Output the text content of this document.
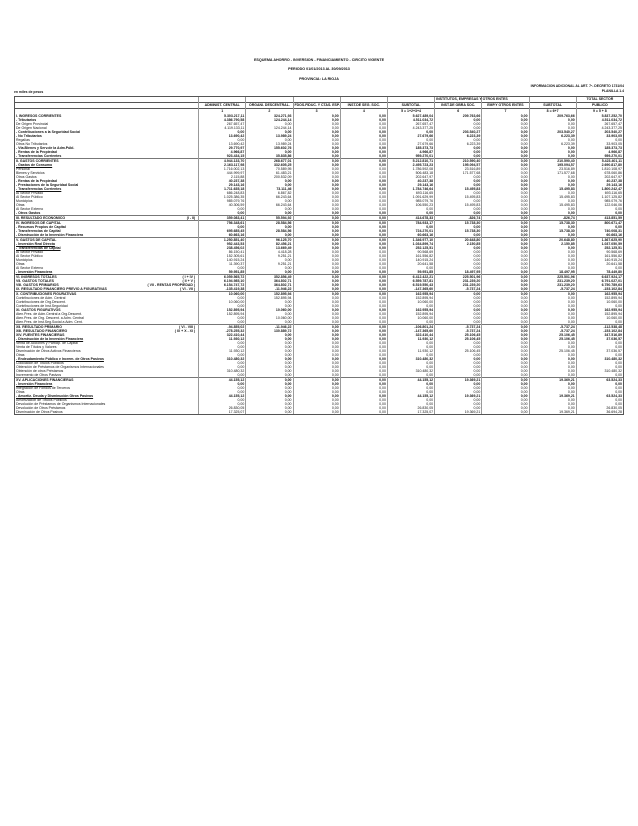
ESQUEMA AHORRO - INVERSION - FINANCIAMIENTO - CIRCITO VIGENTE
PERIODO 01/01/2013 AL 30/09/2013
PROVINCIA: LA RIOJA
INFORMACION ADICIONAL AL ART. 7º- DECRETO 1731/04
PLANILLA 1.4
en miles de pesos
						INSTITUTOS, EMPRESAS Y OTROS ENTES			TOTAL SECTOR
	ADMINIST. CENTRAL	ORGANI. DESCENTRAL.	FDOS.FIDUC. Y CTAS. ESP.	INST.DE SEG. SOC.	SUBTOTAL	INST.DE OBRA SOC.	EMP.Y OTROS ENTES	SUBTOTAL	PUBLICO
	1	2	3	4	5 = 1+2+3+4	6	7	8 = 6+7	9 = 5 + 8
I. INGRESOS CORRIENTES	5.303.217,11	324.271,93	0,00	0,00	5.627.489,04	209.763,66	0,00	209.763,66	5.837.252,70
- Tributarios	4.386.790,58	124.244,14	0,00	0,00	4.511.034,72	0,00	0,00	0,00	4.511.034,72
De Origen Provincial	267.657,47	0,00	0,00	0,00	267.657,47	0,00	0,00	0,00	267.657,47
De Origen Nacional	4.119.133,11	124.244,14	0,00	0,00	4.243.377,25	0,00	0,00	0,00	4.243.377,25
- Contribuciones a la Seguridad Social	0,00	0,00	0,00	0,00	0,00	203.540,27	0,00	203.540,27	203.540,27
- No Tributarios	13.690,42	13.989,24	0,00	0,00	27.679,66	6.223,39	0,00	6.223,39	33.903,05
Regalías	0,00	0,00	0,00	0,00	0,00	0,00	0,00	0,00	0,00
Otros No Tributarios	13.690,42	13.989,24	0,00	0,00	27.679,66	6.223,39	0,00	6.223,39	33.903,05
- Vta.Bienes y Serv.de la Adm.Públ.	29.770,97	155.602,76	0,00	0,00	185.373,73	0,00	0,00	0,00	185.373,73
- Rentas de la Propiedad	4.966,87	0,00	0,00	0,00	4.966,87	0,00	0,00	0,00	4.966,87
- Transferencias Corrientes	923.434,15	35.835,86	0,00	0,00	959.270,01	0,00	0,00	0,00	959.270,01
II. GASTOS CORRIENTES	4.944.133,70	268.677,01	0,00	0,00	5.212.810,71	210.590,40	0,00	210.590,40	5.423.401,11
- Gastos de Consumo	2.163.117,98	332.605,25	0,00	0,00	2.495.723,23	195.094,57	0,00	195.094,57	2.690.817,80
Personal	1.716.002,13	70.589,95	0,00	0,00	1.786.592,08	23.516,89	0,00	23.516,89	1.810.108,97
Bienes y Servicios	444.999,97	61.483,21	0,00	0,00	506.483,18	171.577,68	0,00	171.577,68	678.060,86
Otros Gastos	2.115,88	200.532,09	0,00	0,00	202.647,97	0,00	0,00	0,00	202.647,97
- Rentas de la Propiedad	40.237,38	0,00	0,00	0,00	40.237,38	0,00	0,00	0,00	40.237,38
- Prestaciones de la Seguridad Social	29.143,16	0,00	0,00	0,00	29.143,16	0,00	0,00	0,00	29.143,16
- Transferencias Corrientes	1.711.635,18	73.111,46	0,00	0,00	1.784.746,64	15.495,83	0,00	15.495,83	1.800.242,47
Al Sector Privado	686.248,83	6.867,82	0,00	0,00	693.116,65	0,00	0,00	0,00	693.116,65
Al Sector Público	1.025.386,35	66.243,64	0,00	0,00	1.091.629,99	15.495,83	0,00	15.495,83	1.107.125,82
Municipios	985.079,76	0,00	0,00	0,00	985.079,76	0,00	0,00	0,00	985.079,76
Otras	40.306,59	66.243,64	0,00	0,00	106.550,23	15.495,83	0,00	15.495,83	122.046,06
Al Sector Externo	0,00	0,00	0,00	0,00	0,00	0,00	0,00	0,00	0,00
- Otros Gastos	0,00	0,00	0,00	0,00	0,00	0,00	0,00	0,00	0,00
III. RESULTADO ECONOMICO (I - II)	359.083,41	55.594,92	0,00	0,00	414.678,33	-826,74	0,00	-826,74	413.851,59
IV. INGRESOS DE CAPITAL	756.348,61	28.584,56	0,00	0,00	784.933,17	15.738,30	0,00	15.738,30	800.671,47
- Recursos Propios de Capital	0,00	0,00	0,00	0,00	0,00	0,00	0,00	0,00	0,00
- Transferencias de Capital	695.685,45	28.584,56	0,00	0,00	724.270,01	15.738,30	0,00	15.738,30	740.008,31
- Disminución de la Inversión Financiera	60.663,16	0,00	0,00	0,00	60.663,16	0,00	0,00	0,00	60.663,16
V. GASTOS DE CAPITAL	1.250.851,40	96.125,70	0,00	0,00	1.346.977,10	20.648,80	0,00	20.648,80	1.367.625,90
- Inversión Real Directa	952.443,53	82.456,21	0,00	0,00	1.034.899,74	2.150,85	0,00	2.150,85	1.037.050,59
- Transferencias de Capital	238.456,02	13.669,49	0,00	0,00	252.125,51	0,00	0,00	0,00	252.125,51
Al Sector Privado	86.150,41	4.418,28	0,00	0,00	90.568,69	0,00	0,00	0,00	90.568,69
Al Sector Público	152.305,61	9.251,21	0,00	0,00	161.556,82	0,00	0,00	0,00	161.556,82
Municipios	140.915,24	0,00	0,00	0,00	140.915,24	0,00	0,00	0,00	140.915,24
Otras	11.390,37	9.251,21	0,00	0,00	20.641,58	0,00	0,00	0,00	20.641,58
Al Sector Externo	0,00	0,00	0,00	0,00	0,00	0,00	0,00	0,00	0,00
- Inversión Financiera	59.951,85	0,00	0,00	0,00	59.951,85	18.497,95	0,00	18.497,95	78.449,80
VI. INGRESOS TOTALES ( I + IV )	6.059.565,72	352.856,49	0,00	0,00	6.412.422,21	225.501,96	0,00	225.501,96	6.637.924,17
VII. GASTOS TOTALES ( II + V )	6.194.985,10	364.802,71	0,00	0,00	6.559.787,81	231.239,20	0,00	231.239,20	6.791.027,01
VIII. GASTOS PRIMARIOS ( VII - RENTAS PROPIEDAD )	6.154.747,72	364.802,71	0,00	0,00	6.519.550,43	231.239,20	0,00	231.239,20	6.750.789,63
IX. RESULTADO FINANCIERO PREVIO A FIGURATIVAS ( VI - VII )	-135.419,38	-11.946,22	0,00	0,00	-147.365,60	-5.737,24	0,00	-5.737,24	-153.102,84
X. CONTRIBUCIONES FIGURATIVAS	10.060,00	152.895,94	0,00	0,00	162.955,94	0,00	0,00	0,00	162.955,94
Contribuciones de Adm. Central	0,00	152.895,94	0,00	0,00	152.895,94	0,00	0,00	0,00	152.895,94
Contribuciones de Org.Descent.	10.060,00	0,00	0,00	0,00	10.060,00	0,00	0,00	0,00	10.060,00
Contribuciones de Inst.Seguridad	0,00	0,00	0,00	0,00	0,00	0,00	0,00	0,00	0,00
XI. GASTOS FIGURATIVOS	152.895,94	10.060,00	0,00	0,00	162.955,94	0,00	0,00	0,00	162.955,94
Aten.Pres. de Adm.Central a Org.Descent.	152.895,94	0,00	0,00	0,00	152.895,94	0,00	0,00	0,00	152.895,94
Aten.Pres. de Org. Descent. a Adm. Central	0,00	10.060,00	0,00	0,00	10.060,00	0,00	0,00	0,00	10.060,00
Aten.Pres. de Inst.Seg.Social a Adm. Cent.	0,00	0,00	0,00	0,00	0,00	0,00	0,00	0,00	0,00
XII. RESULTADO PRIMARIO ( VI - VIII )	-94.855,02	-11.946,22	0,00	0,00	-106.801,24	-5.737,24	0,00	-5.737,24	-112.538,48
XIII. RESULTADO FINANCIERO ( IX + X - XI )	-278.255,32	130.889,72	0,00	0,00	-147.365,60	-5.737,24	0,00	-5.737,24	-153.102,84
XIV. FUENTES FINANCIERAS	322.410,44	0,00	0,00	0,00	322.410,44	25.106,45	0,00	25.106,45	347.516,89
- Disminución de la Inversión Financiera	11.930,12	0,00	0,00	0,00	11.930,12	25.106,45	0,00	25.106,45	37.036,57
Venta de Acciones y Particip. de Capital	0,00	0,00	0,00	0,00	0,00	0,00	0,00	0,00	0,00
Venta de Títulos y Valores	0,00	0,00	0,00	0,00	0,00	0,00	0,00	0,00	0,00
Disminución de Otros Activos Financieros	11.930,12	0,00	0,00	0,00	11.930,12	25.106,45	0,00	25.106,45	37.036,57
Otras	0,00	0,00	0,00	0,00	0,00	0,00	0,00	0,00	0,00
- Endeudamiento Público e Increm. de Otros Pasivos	310.480,32	0,00	0,00	0,00	310.480,32	0,00	0,00	0,00	310.480,32
Colocación de Títulos Públicos	0,00	0,00	0,00	0,00	0,00	0,00	0,00	0,00	0,00
Obtención de Préstamos de Organismos Internacionales	0,00	0,00	0,00	0,00	0,00	0,00	0,00	0,00	0,00
Obtención de otros Préstamos	310.480,32	0,00	0,00	0,00	310.480,32	0,00	0,00	0,00	310.480,32
Incremento de Otros Pasivos	0,00	0,00	0,00	0,00	0,00	0,00	0,00	0,00	0,00
XV. APLICACIONES FINANCIERAS	44.155,12	0,00	0,00	0,00	44.155,12	19.369,21	0,00	19.369,21	63.524,33
- Inversión Financiera	0,00	0,00	0,00	0,00	0,00	0,00	0,00	0,00	0,00
Integración de Fondos de Terceros	0,00	0,00	0,00	0,00	0,00	0,00	0,00	0,00	0,00
Otras	0,00	0,00	0,00	0,00	0,00	0,00	0,00	0,00	0,00
- Amortiz. Deuda y Disminución Otros Pasivos	44.155,12	0,00	0,00	0,00	44.155,12	19.369,21	0,00	19.369,21	63.524,33
Amortización de Títulos Públicos	0,00	0,00	0,00	0,00	0,00	0,00	0,00	0,00	0,00
Devolución de Préstamos de Organismos Internacionales	0,00	0,00	0,00	0,00	0,00	0,00	0,00	0,00	0,00
Devolución de Otros Préstamos	26.830,05	0,00	0,00	0,00	26.830,05	0,00	0,00	0,00	26.830,05
Disminución de Otros Pasivos	17.325,07	0,00	0,00	0,00	17.325,07	19.369,21	0,00	19.369,21	36.694,28
